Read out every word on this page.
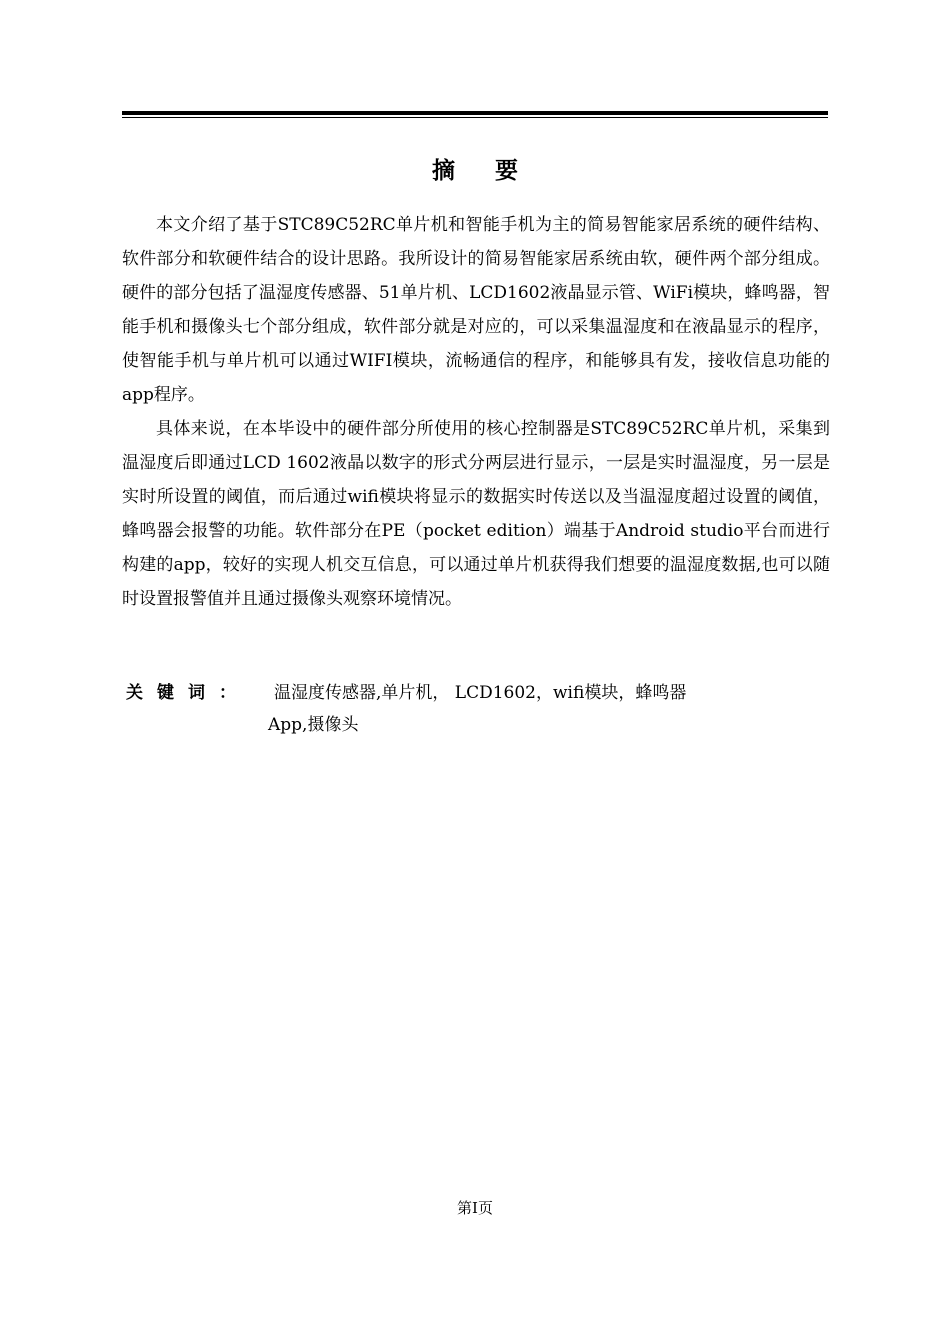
摘要

本文介绍了基于STC89C52RC单片机和智能手机为主的简易智能家居系统的硬件结构、软件部分和软硬件结合的设计思路。我所设计的简易智能家居系统由软，硬件两个部分组成。硬件的部分包括了温湿度传感器、51单片机、LCD1602液晶显示管、WiFi模块，蜂鸣器，智能手机和摄像头七个部分组成，软件部分就是对应的，可以采集温湿度和在液晶显示的程序，使智能手机与单片机可以通过WIFI模块，流畅通信的程序，和能够具有发，接收信息功能的app程序。

具体来说，在本毕设中的硬件部分所使用的核心控制器是STC89C52RC单片机，采集到温湿度后即通过LCD 1602液晶以数字的形式分两层进行显示，一层是实时温湿度，另一层是实时所设置的阈值，而后通过wifi模块将显示的数据实时传送以及当温湿度超过设置的阈值，蜂鸣器会报警的功能。软件部分在PE（pocket edition）端基于Android studio平台而进行构建的app，较好的实现人机交互信息，可以通过单片机获得我们想要的温湿度数据,也可以随时设置报警值并且通过摄像头观察环境情况。

关键词： 温湿度传感器,单片机， LCD1602，wifi模块，蜂鸣器
App,摄像头
第I页
